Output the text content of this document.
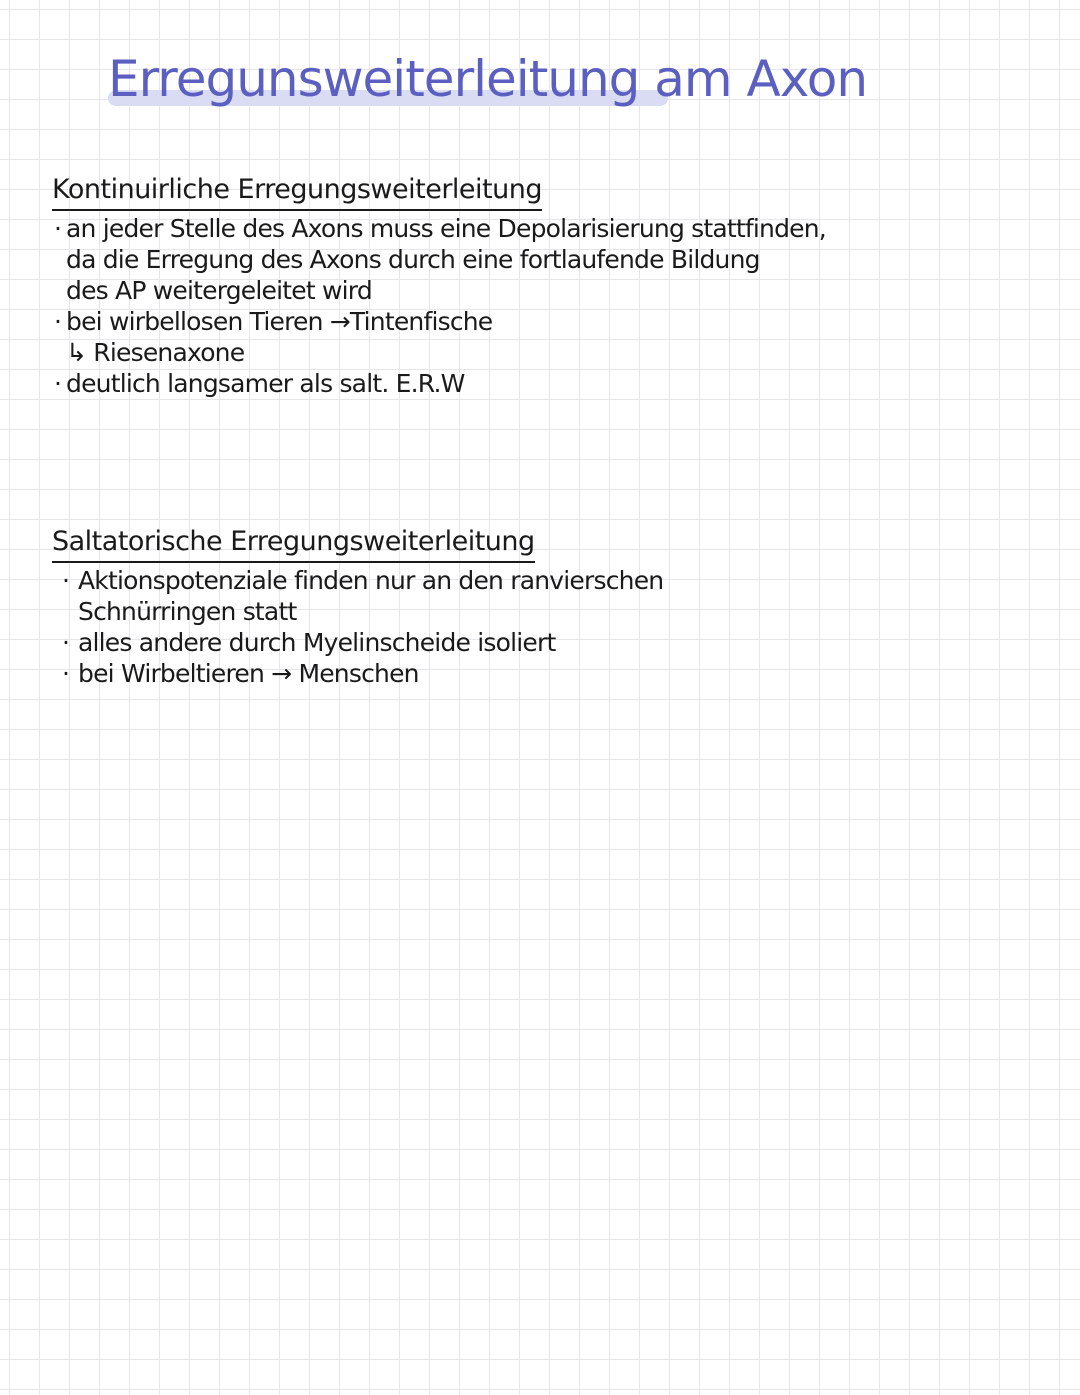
Erregunsweiterleitung am Axon
Kontinuirliche Erregungsweiterleitung
· an jeder Stelle des Axons muss eine Depolarisierung stattfinden,
da die Erregung des Axons durch eine fortlaufende Bildung
des AP weitergeleitet wird
· bei wirbellosen Tieren →Tintenfische
↳ Riesenaxone
· deutlich langsamer als salt. E.R.W
Saltatorische Erregungsweiterleitung
· Aktionspotenziale finden nur an den ranvierschen
Schnürringen statt
· alles andere durch Myelinscheide isoliert
· bei Wirbeltieren → Menschen
